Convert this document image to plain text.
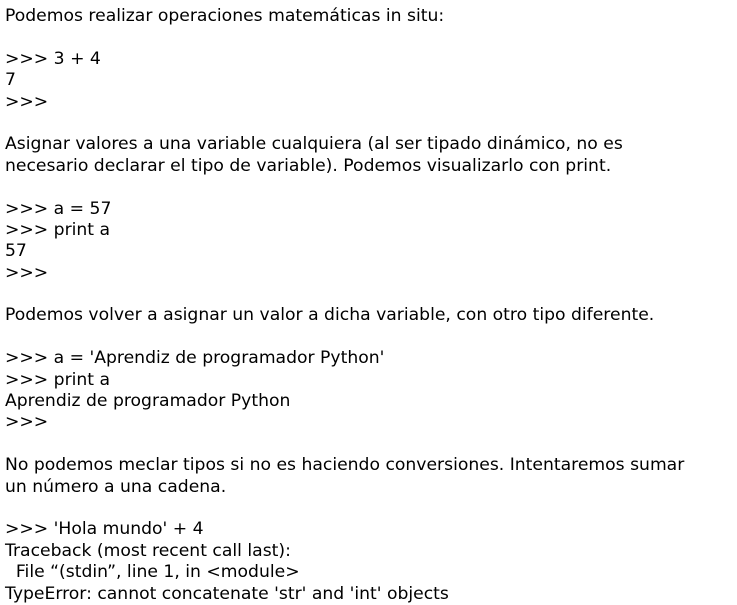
Podemos realizar operaciones matemáticas in situ:
>>> 3 + 4
7
>>>
Asignar valores a una variable cualquiera (al ser tipado dinámico, no es
necesario declarar el tipo de variable). Podemos visualizarlo con print.
>>> a = 57
>>> print a
57
>>>
Podemos volver a asignar un valor a dicha variable, con otro tipo diferente.
>>> a = 'Aprendiz de programador Python'
>>> print a
Aprendiz de programador Python
>>>
No podemos meclar tipos si no es haciendo conversiones. Intentaremos sumar
un número a una cadena.
>>> 'Hola mundo' + 4
Traceback (most recent call last):
File “(stdin”, line 1, in <module>
TypeError: cannot concatenate 'str' and 'int' objects
